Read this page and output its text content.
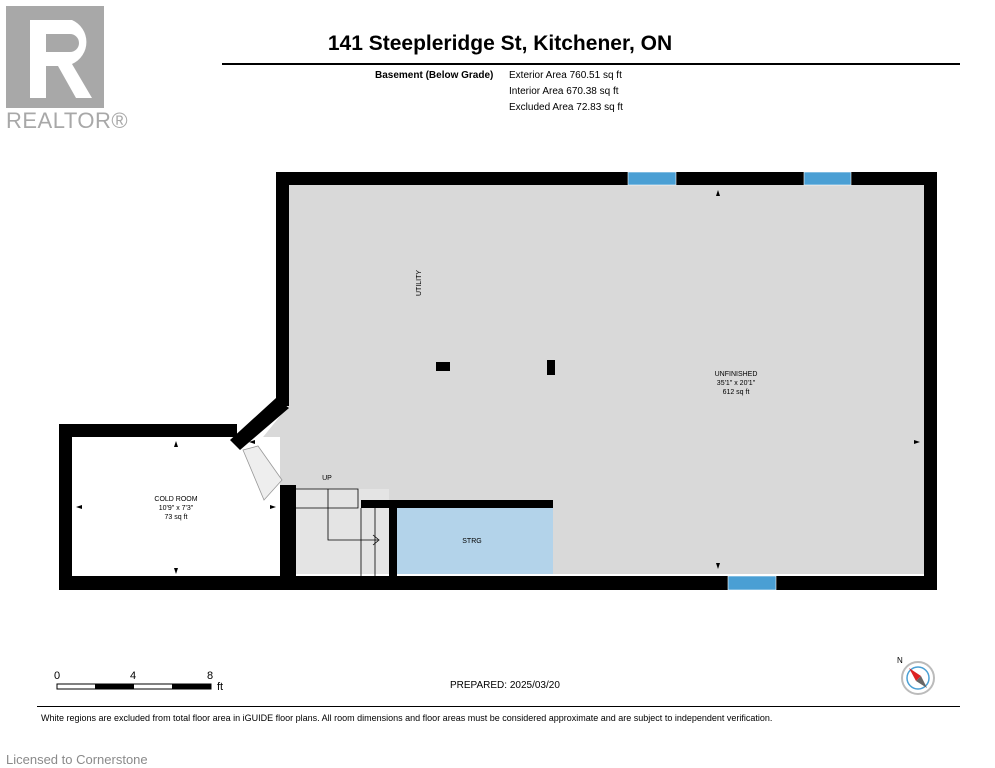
REALTOR®
141 Steepleridge St, Kitchener, ON
Basement (Below Grade) Exterior Area 760.51 sq ft
Interior Area 670.38 sq ft
Excluded Area 72.83 sq ft
UTILITY
UNFINISHED
35'1" x 20'1"
612 sq ft
COLD ROOM
10'9" x 7'3"
73 sq ft
STRG
UP
0	4	8
ft
N
PREPARED: 2025/03/20
White regions are excluded from total floor area in iGUIDE floor plans. All room dimensions and floor areas must be considered approximate and are subject to independent verification.
Licensed to Cornerstone
